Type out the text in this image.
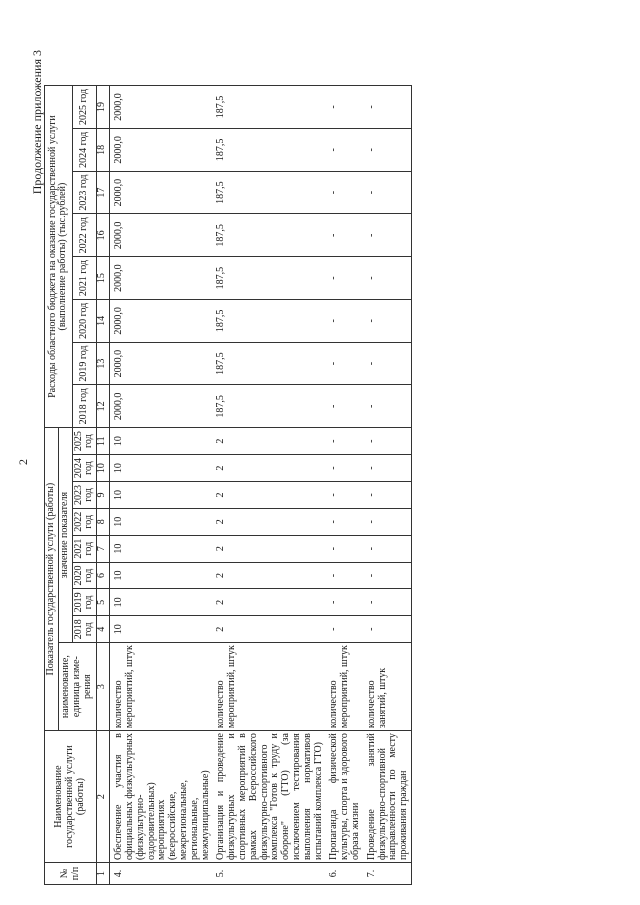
2
Продолжение приложения 3
№ п/п	Наименование государственной услуги (работы)	Показатель государственной услуги (работы)									Расходы областного бюджета на оказание государственной услуги (выполнение работы) (тыс.рублей)							
		наименование, единица изме-рения	значение показателя															
			2018 год	2019 год	2020 год	2021 год	2022 год	2023 год	2024 год	2025 год	2018 год	2019 год	2020 год	2021 год	2022 год	2023 год	2024 год	2025 год
1	2	3	4	5	6	7	8	9	10	11	12	13	14	15	16	17	18	19
4.	Обеспечение участия в официальных физкультурных (физкультурно-оздоровительных) мероприятиях (всероссийские, межрегиональные, региональные, межмуниципальные)	количество мероприятий, штук	10	10	10	10	10	10	10	10	2000,0	2000,0	2000,0	2000,0	2000,0	2000,0	2000,0	2000,0
5.	Организация и проведение физкультурных и спортивных мероприятий в рамках Всероссийского физкультурно-спортивного комплекса "Готов к труду и обороне" (ГТО) (за исключением тестирования выполнения нормативов испытаний комплекса ГТО)	количество мероприятий, штук	2	2	2	2	2	2	2	2	187,5	187,5	187,5	187,5	187,5	187,5	187,5	187,5
6.	Пропаганда физической культуры, спорта и здорового образа жизни	количество мероприятий, штук	-	-	-	-	-	-	-	-	-	-	-	-	-	-	-	-
7.	Проведение занятий физкультурно-спортивной направленности по месту проживания граждан	количество занятий, штук	-	-	-	-	-	-	-	-	-	-	-	-	-	-	-	-
